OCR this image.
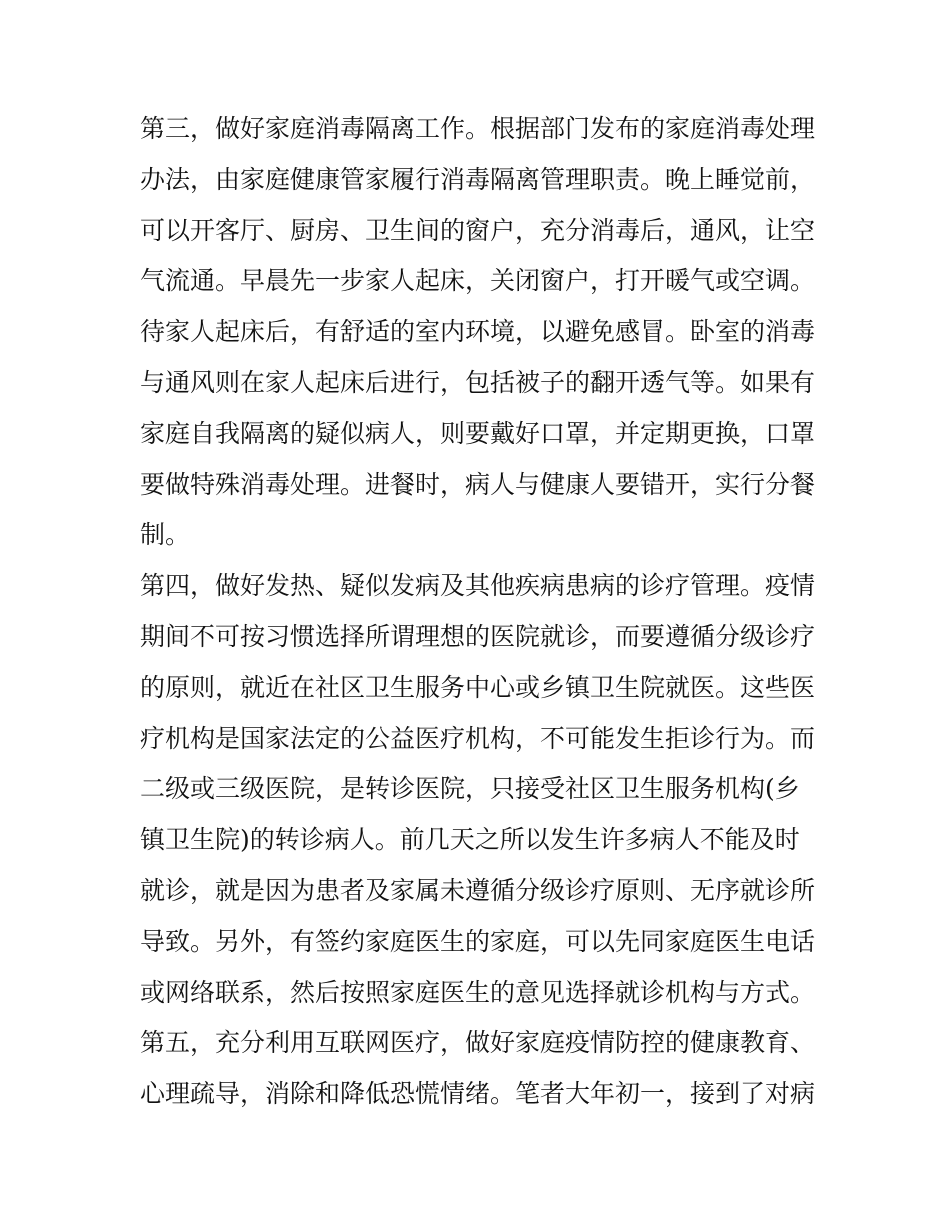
第三，做好家庭消毒隔离工作。根据部门发布的家庭消毒处理
办法，由家庭健康管家履行消毒隔离管理职责。晚上睡觉前，
可以开客厅、厨房、卫生间的窗户，充分消毒后，通风，让空
气流通。早晨先一步家人起床，关闭窗户，打开暖气或空调。
待家人起床后，有舒适的室内环境，以避免感冒。卧室的消毒
与通风则在家人起床后进行，包括被子的翻开透气等。如果有
家庭自我隔离的疑似病人，则要戴好口罩，并定期更换，口罩
要做特殊消毒处理。进餐时，病人与健康人要错开，实行分餐
制。
第四，做好发热、疑似发病及其他疾病患病的诊疗管理。疫情
期间不可按习惯选择所谓理想的医院就诊，而要遵循分级诊疗
的原则，就近在社区卫生服务中心或乡镇卫生院就医。这些医
疗机构是国家法定的公益医疗机构，不可能发生拒诊行为。而
二级或三级医院，是转诊医院，只接受社区卫生服务机构(乡
镇卫生院)的转诊病人。前几天之所以发生许多病人不能及时
就诊，就是因为患者及家属未遵循分级诊疗原则、无序就诊所
导致。另外，有签约家庭医生的家庭，可以先同家庭医生电话
或网络联系，然后按照家庭医生的意见选择就诊机构与方式。
第五，充分利用互联网医疗，做好家庭疫情防控的健康教育、
心理疏导，消除和降低恐慌情绪。笔者大年初一，接到了对病
